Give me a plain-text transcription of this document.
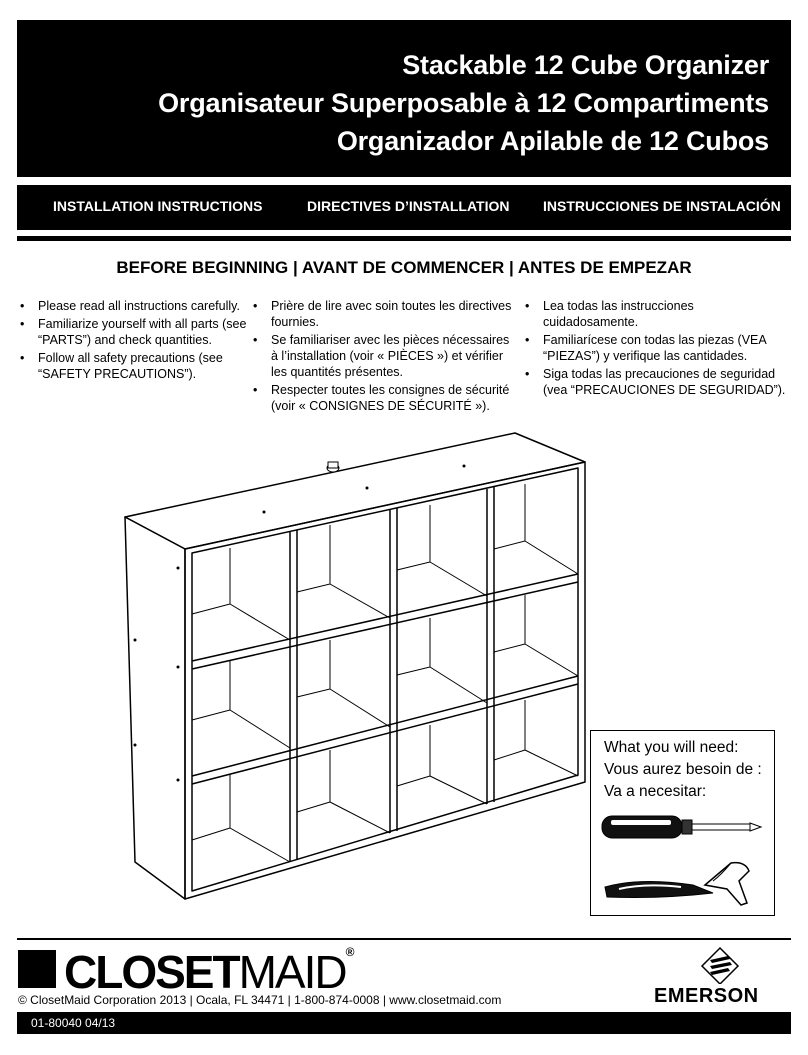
Stackable 12 Cube Organizer
Organisateur Superposable à 12 Compartiments
Organizador Apilable de 12 Cubos
INSTALLATION INSTRUCTIONS	DIRECTIVES D’INSTALLATION INSTRUCCIONES DE INSTALACIÓN
BEFORE BEGINNING | AVANT DE COMMENCER | ANTES DE EMPEZAR
• Please read all instructions carefully.
• Familiarize yourself with all parts (see “PARTS”) and check quantities.
• Follow all safety precautions (see “SAFETY PRECAUTIONS”).
• Prière de lire avec soin toutes les directives fournies.
• Se familiariser avec les pièces nécessaires à l’installation (voir « PIÈCES ») et vérifier les quantités présentes.
• Respecter toutes les consignes de sécurité (voir « CONSIGNES DE SÉCURITÉ »).
• Lea todas las instrucciones cuidadosamente.
• Familiarícese con todas las piezas (VEA “PIEZAS”) y verifique las cantidades.
• Siga todas las precauciones de seguridad (vea “PRECAUCIONES DE SEGURIDAD”).
What you will need:
Vous aurez besoin de :
Va a necesitar:
CLOSETMAID®
EMERSON
© ClosetMaid Corporation 2013 | Ocala, FL 34471 | 1-800-874-0008 | www.closetmaid.com
01-80040 04/13
